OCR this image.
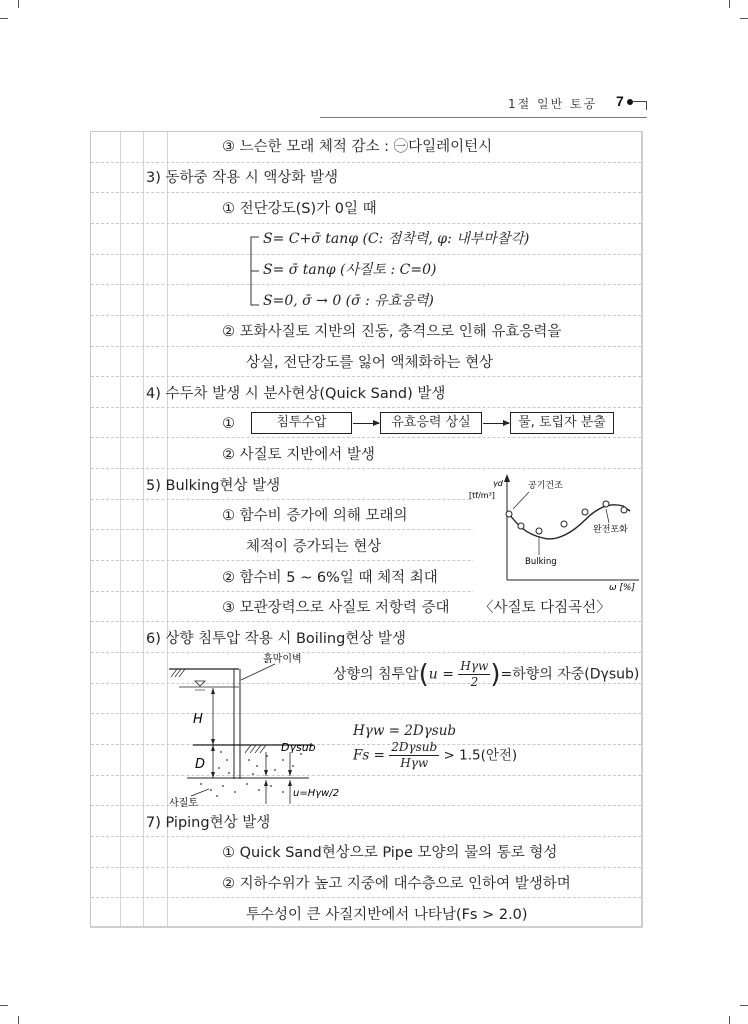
1절 일반 토공 7
③ 느슨한 모래 체적 감소 : ㊀다일레이턴시
3) 동하중 작용 시 액상화 발생
① 전단강도(S)가 0일 때
S= C+σ̄ tanφ (C: 점착력, φ: 내부마찰각)
S= σ̄ tanφ (사질토 : C=0)
S=0, σ̄ → 0 (σ̄ : 유효응력)
② 포화사질토 지반의 진동, 충격으로 인해 유효응력을
상실, 전단강도를 잃어 액체화하는 현상
4) 수두차 발생 시 분사현상(Quick Sand) 발생
①	침투수압	유효응력 상실	물, 토립자 분출
② 사질토 지반에서 발생
5) Bulking현상 발생
① 함수비 증가에 의해 모래의
체적이 증가되는 현상
② 함수비 5 ~ 6%일 때 체적 최대
③ 모관장력으로 사질토 저항력 증대 〈사질토 다짐곡선〉
6) 상향 침투압 작용 시 Boiling현상 발생
γd
[tf/m³]
ω [%]
공기건조
Bulking
완전포화
흙막이벽
H
D
Dγsub
u=Hγw/2
사질토
상향의 침투압(u =
Hγw
2 )=하향의 자중(Dγsub)
Hγw = 2Dγsub
Fs =
2Dγsub
Hγw	> 1.5(안전)
7) Piping현상 발생
① Quick Sand현상으로 Pipe 모양의 물의 통로 형성
② 지하수위가 높고 지중에 대수층으로 인하여 발생하며
투수성이 큰 사질지반에서 나타남(Fs > 2.0)
